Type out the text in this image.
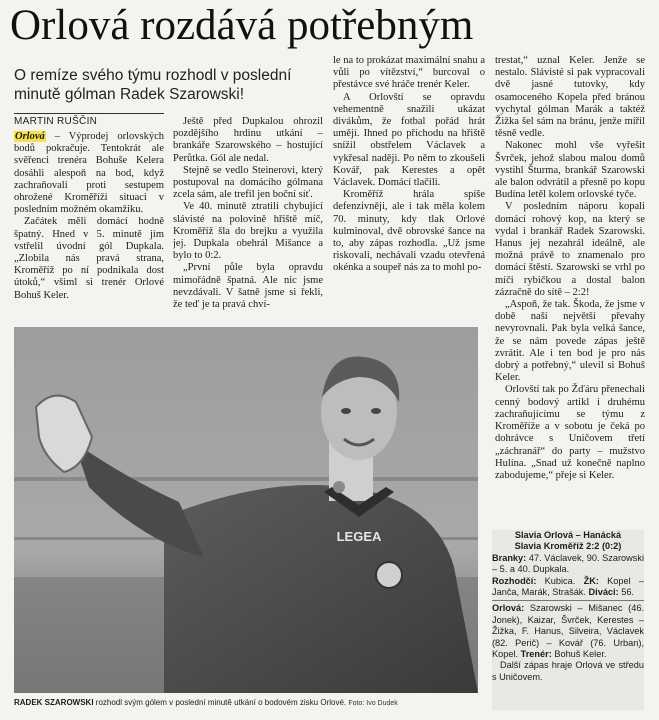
Orlová rozdává potřebným

O remíze svého týmu rozhodl v poslední minutě gólman Radek Szarowski!

MARTIN RUŠČIN

Orlová – Výprodej orlovských bodů pokračuje. Tentokrát ale svěřenci trenéra Bohuše Kelera dosáhli alespoň na bod, když zachraňovali proti sestupem ohrožené Kroměříži situaci v posledním možném okamžiku.

Začátek měli domácí hodně špatný. Hned v 5. minutě jim vstřelil úvodní gól Dupkala. „Zlobila nás pravá strana, Kroměříž po ní podnikala dost útoků,“ všiml si trenér Orlové Bohuš Keler.

Ještě před Dupkalou ohrozil pozdějšího hrdinu utkání – brankáře Szarowského – hostující Perůtka. Gól ale nedal.

Stejně se vedlo Steinerovi, který postupoval na domácího gólmana zcela sám, ale trefil jen boční síť.

Ve 40. minutě ztratili chybující slávisté na polovině hřiště míč, Kroměříž šla do brejku a využila jej. Dupkala obehrál Mišance a bylo to 0:2.

„První půle byla opravdu mimořádně špatná. Ale nic jsme nevzdávali. V šatně jsme si řekli, že teď je ta pravá chví-

le na to prokázat maximální snahu a vůli po vítězství,“ burcoval o přestávce své hráče trenér Keler.

A Orlovští se opravdu vehementně snažili ukázat divákům, že fotbal pořád hrát umějí. Ihned po příchodu na hřiště snížil obstřelem Václavek a vykřesal naději. Po něm to zkoušeli Kovář, pak Kerestes a opět Václavek. Domácí tlačili.

Kroměříž hrála spíše defenzivněji, ale i tak měla kolem 70. minuty, kdy tlak Orlové kulminoval, dvě obrovské šance na to, aby zápas rozhodla. „Už jsme riskovali, nechávali vzadu otevřená okénka a soupeř nás za to mohl po-

trestat,“ uznal Keler. Jenže se nestalo. Slávisté si pak vypracovali dvě jasné tutovky, kdy osamoceného Kopela před bránou vychytal gólman Marák a taktéž Žižka šel sám na bránu, jenže mířil těsně vedle.

Nakonec mohl vše vyřešit Švrček, jehož slabou malou domů vystihl Šturma, brankář Szarowski ale balon odvrátil a přesně po kopu Budína letěl kolem orlovské tyče.

V posledním náporu kopali domácí rohový kop, na který se vydal i brankář Radek Szarowski. Hanus jej nezahrál ideálně, ale možná právě to znamenalo pro domácí štěstí. Szarowski se vrhl po míči rybičkou a dostal balon zázračně do sítě – 2:2!

„Aspoň, že tak. Škoda, že jsme v době naší největší převahy nevyrovnali. Pak byla velká šance, že se nám povede zápas ještě zvrátit. Ale i ten bod je pro nás dobrý a potřebný,“ ulevil si Bohuš Keler.

Orlovští tak po Žďáru přenechali cenný bodový artikl i druhému zachraňujícímu se týmu z Kroměříže a v sobotu je čeká po dohrávce s Uničovem třetí „záchranář“ do party – mužstvo Hulína. „Snad už konečně naplno zabodujeme,“ přeje si Keler.

LEGEA
RADEK SZAROWSKI rozhodl svým gólem v poslední minutě utkání o bodovém zisku Orlové. Foto: Ivo Dudek
Slavia Orlová – Hanácká
Slavia Kroměříž 2:2 (0:2)

Branky: 47. Václavek, 90. Szarowski – 5. a 40. Dupkala.

Rozhodčí: Kubica. ŽK: Kopel – Janča, Marák, Strašák. Diváci: 56.

Orlová: Szarowski – Mišanec (46. Jonek), Kaizar, Švrček, Kerestes – Žižka, F. Hanus, Silveira, Václavek (82. Perič) – Kovář (76. Urban), Kopel. Trenér: Bohuš Keler.

Další zápas hraje Orlová ve středu s Uničovem.
